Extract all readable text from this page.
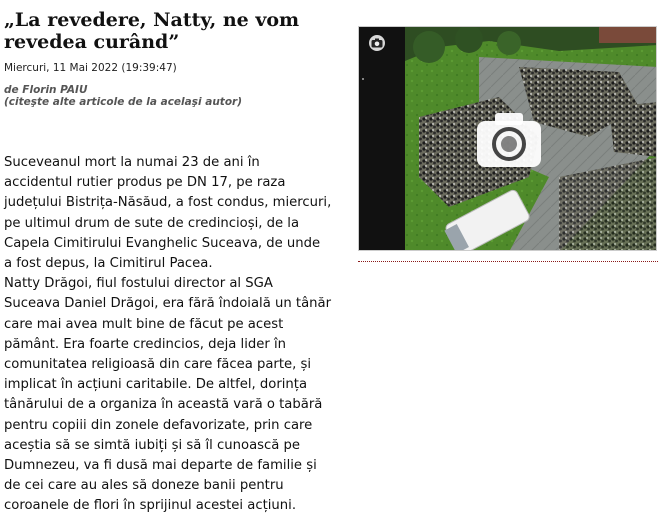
„La revedere, Natty, ne vom revedea curând”
Miercuri, 11 Mai 2022 (19:39:47)
de Florin PAIU
(citeşte alte articole de la acelaşi autor)

Suceveanul mort la numai 23 de ani în accidentul rutier produs pe DN 17, pe raza județului Bistrița-Năsăud, a fost condus, miercuri, pe ultimul drum de sute de credincioși, de la Capela Cimitirului Evanghelic Suceava, de unde a fost depus, la Cimitirul Pacea.

Natty Drăgoi, fiul fostului director al SGA Suceava Daniel Drăgoi, era fără îndoială un tânăr care mai avea mult bine de făcut pe acest pământ. Era foarte credincios, deja lider în comunitatea religioasă din care făcea parte, și implicat în acțiuni caritabile. De altfel, dorința tânărului de a organiza în această vară o tabără pentru copiii din zonele defavorizate, prin care aceștia să se simtă iubiți și să îl cunoască pe Dumnezeu, va fi dusă mai departe de familie și de cei care au ales să doneze banii pentru coroanele de flori în sprijinul acestei acțiuni.
